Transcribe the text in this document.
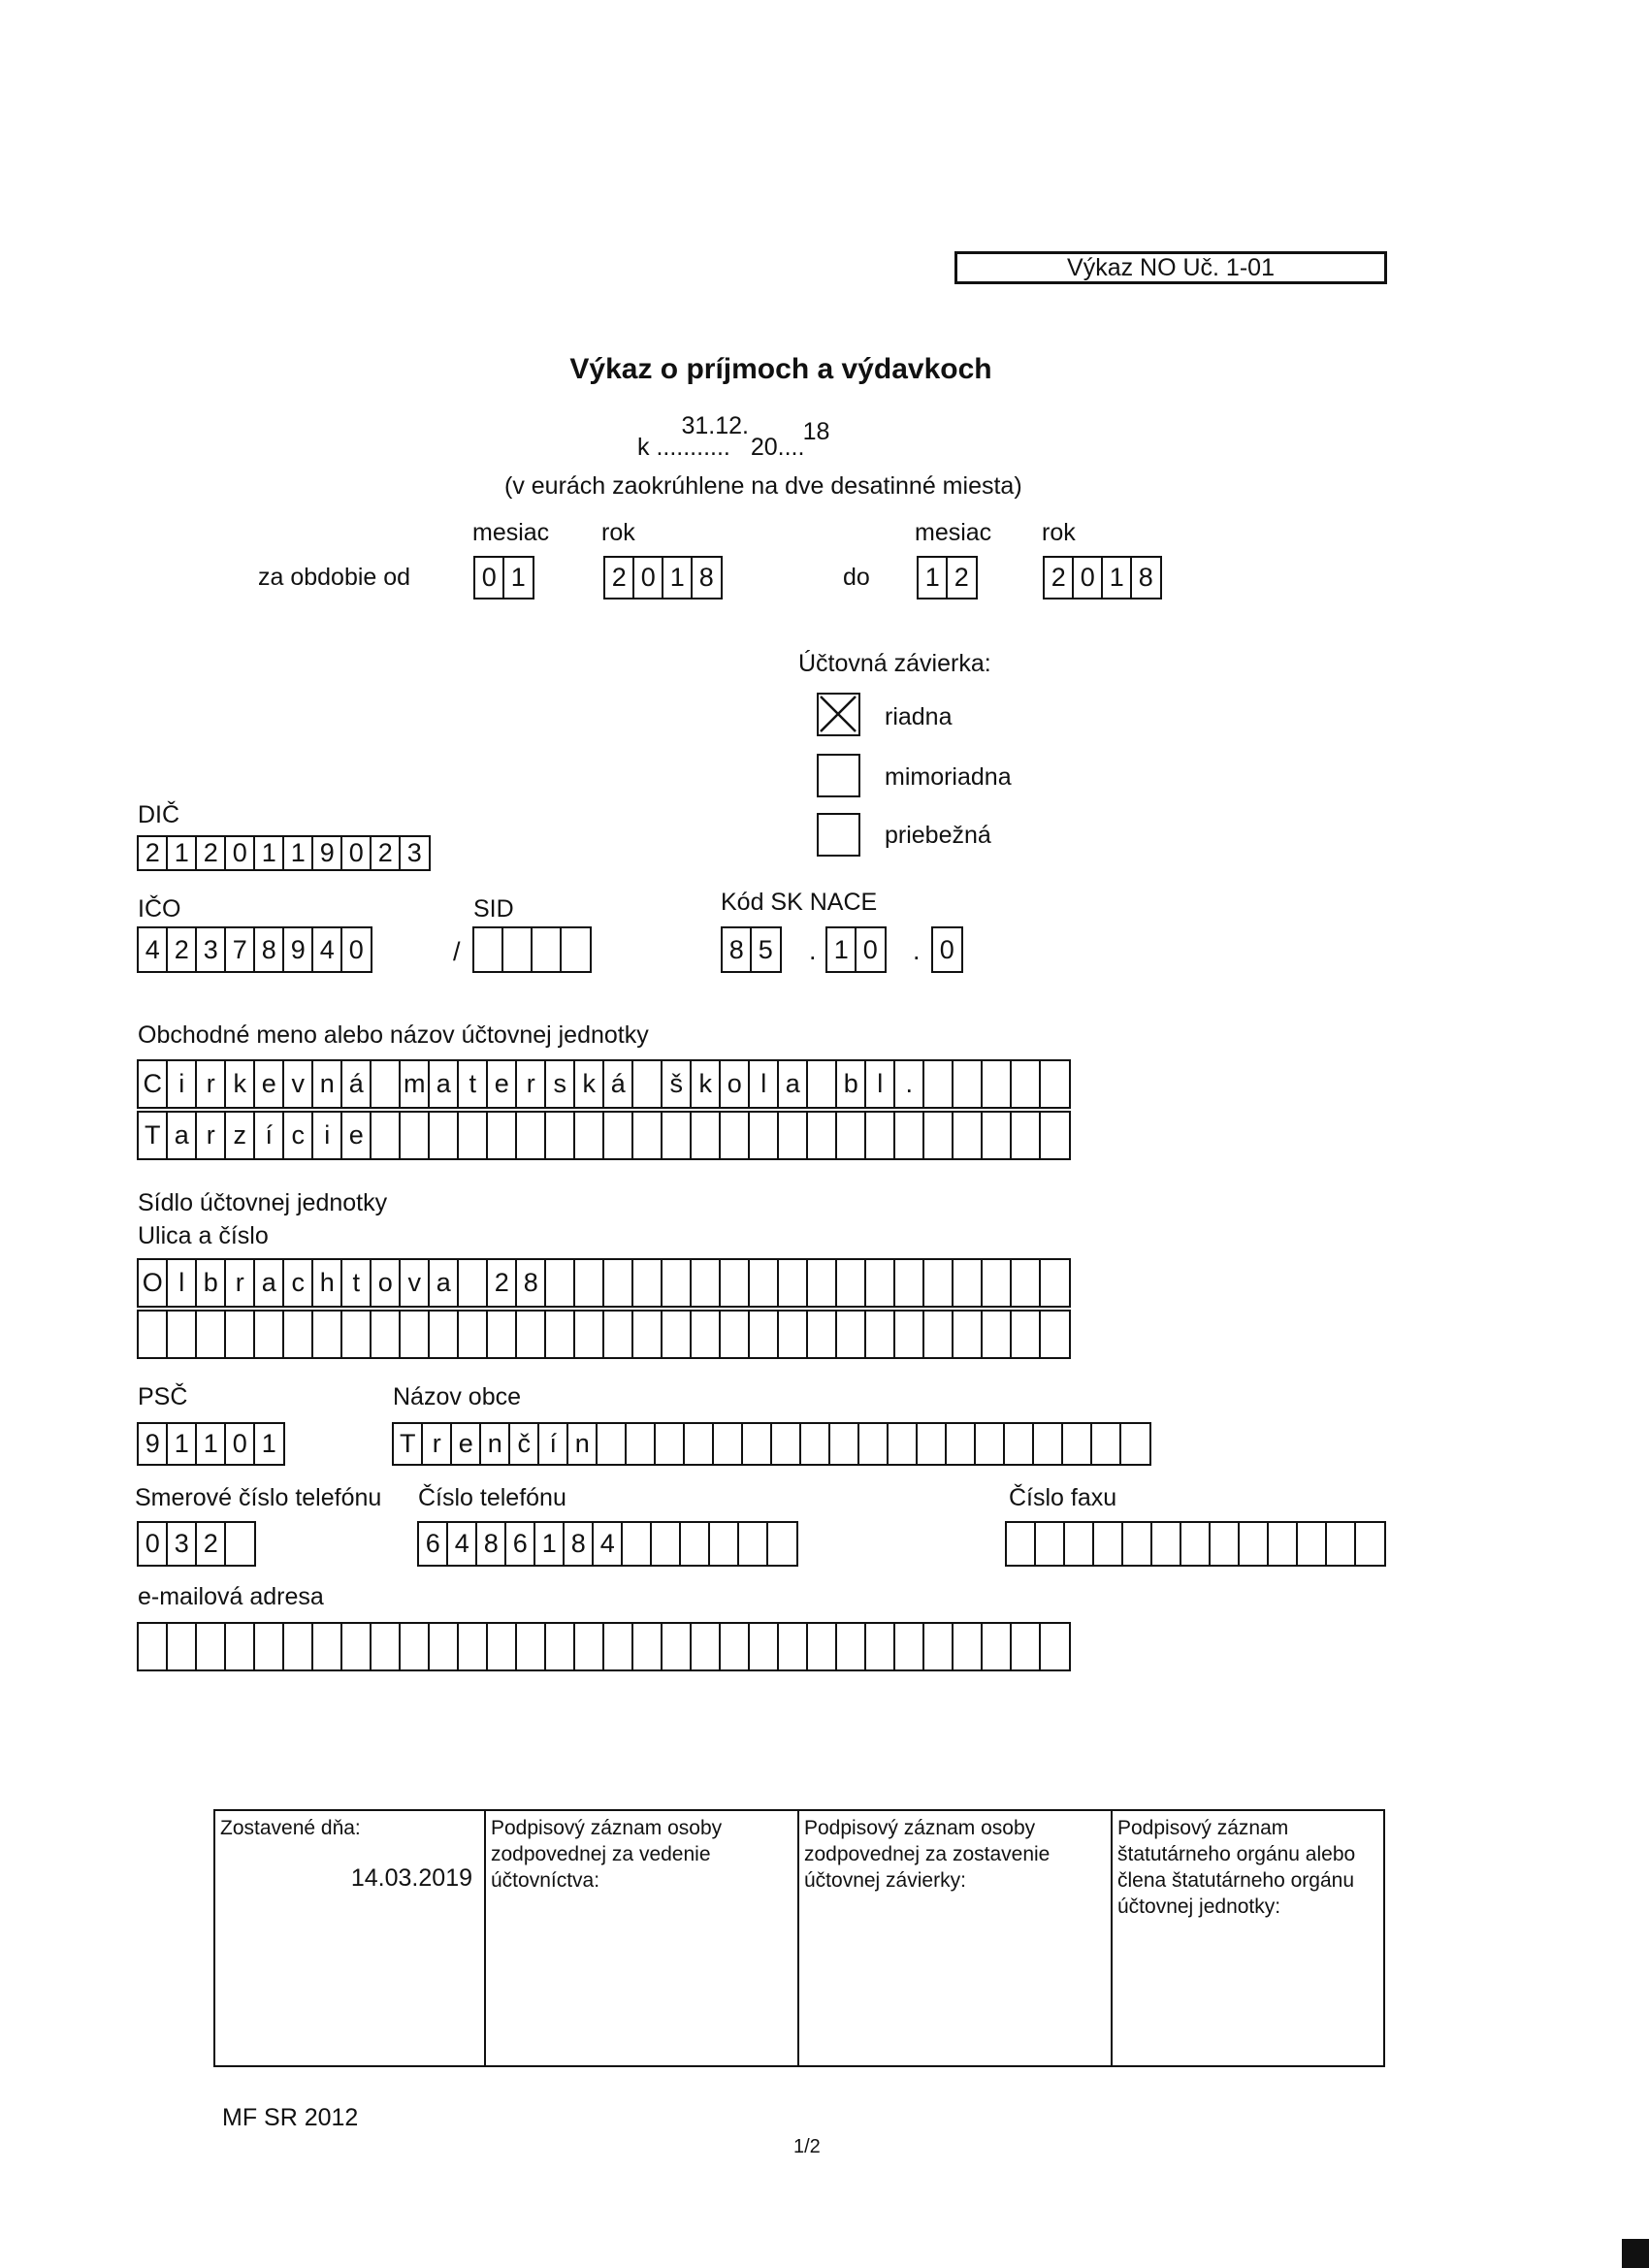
Výkaz NO Uč. 1-01
Výkaz o príjmoch a výdavkoch
k ...........
31.12.
20....
18
(v eurách zaokrúhlene na dve desatinné miesta)
mesiac rok	mesiac rok
za obdobie od	0 1	2 0 1 8	do	1 2	2 0 1 8
Účtovná závierka:
riadna
mimoriadna
priebežná
DIČ
2 1 2 0 1 1 9 0 2 3
IČO	SID	Kód SK NACE
4 2 3 7 8 9 4 0	/	8 5	. 1 0	. 0
Obchodné meno alebo názov účtovnej jednotky
C i r k e v n á	m a t e r s k á	š k o l a	b l .
T a r z í c i e
Sídlo účtovnej jednotky
Ulica a číslo
O l b r a c h t o v a	2 8
PSČ	Názov obce
9 1 1 0 1	T r e n č í n
Smerové číslo telefónu Číslo telefónu	Číslo faxu
0 3 2	6 4 8 6 1 8 4
e-mailová adresa
Zostavené dňa:
14.03.2019
Podpisový záznam osoby zodpovednej za vedenie účtovníctva:
Podpisový záznam osoby zodpovednej za zostavenie účtovnej závierky:
Podpisový záznam štatutárneho orgánu alebo člena štatutárneho orgánu účtovnej jednotky:
MF SR 2012
1/2
